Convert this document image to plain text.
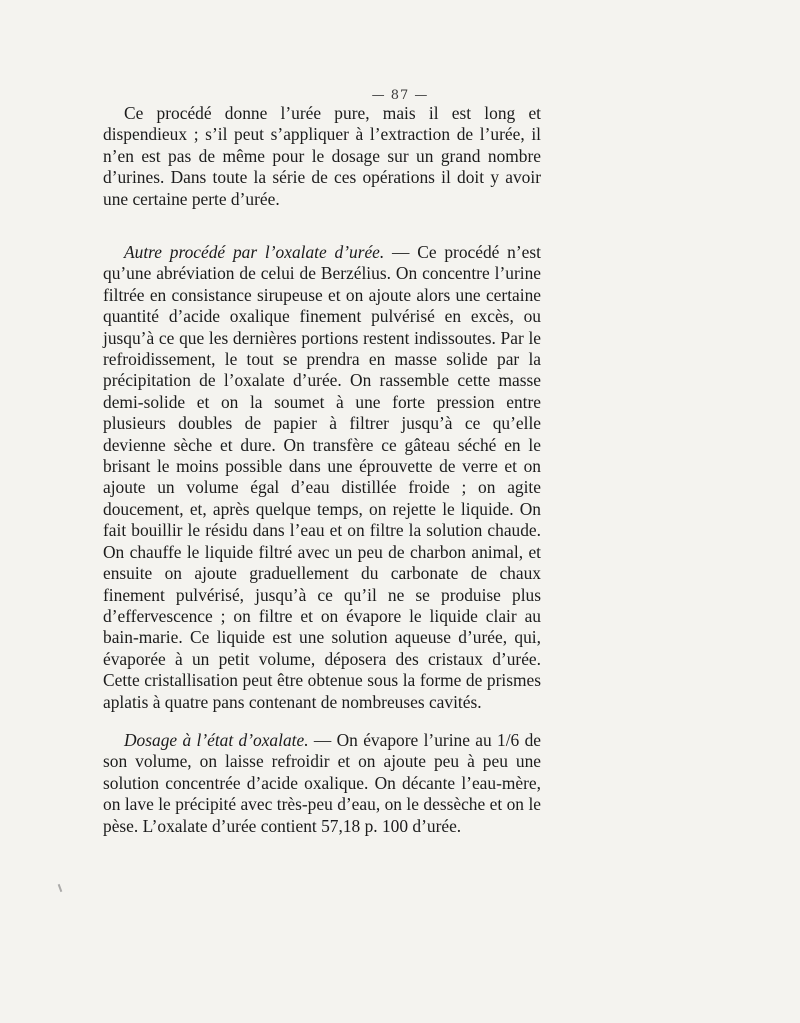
— 87 —

Ce procédé donne l’urée pure, mais il est long et dispendieux ; s’il peut s’appliquer à l’extraction de l’urée, il n’en est pas de même pour le dosage sur un grand nombre d’urines. Dans toute la série de ces opérations il doit y avoir une certaine perte d’urée.

Autre procédé par l’oxalate d’urée. — Ce procédé n’est qu’une abréviation de celui de Berzélius. On concentre l’urine filtrée en consistance sirupeuse et on ajoute alors une certaine quantité d’acide oxalique finement pulvérisé en excès, ou jusqu’à ce que les dernières portions restent indissoutes. Par le refroidissement, le tout se prendra en masse solide par la précipitation de l’oxalate d’urée. On rassemble cette masse demi-solide et on la soumet à une forte pression entre plusieurs doubles de papier à filtrer jusqu’à ce qu’elle devienne sèche et dure. On transfère ce gâteau séché en le brisant le moins possible dans une éprouvette de verre et on ajoute un volume égal d’eau distillée froide ; on agite doucement, et, après quelque temps, on rejette le liquide. On fait bouillir le résidu dans l’eau et on filtre la solution chaude. On chauffe le liquide filtré avec un peu de charbon animal, et ensuite on ajoute graduellement du carbonate de chaux finement pulvérisé, jusqu’à ce qu’il ne se produise plus d’effervescence ; on filtre et on évapore le liquide clair au bain-marie. Ce liquide est une solution aqueuse d’urée, qui, évaporée à un petit volume, déposera des cristaux d’urée. Cette cristallisation peut être obtenue sous la forme de prismes aplatis à quatre pans contenant de nombreuses cavités.

Dosage à l’état d’oxalate. — On évapore l’urine au 1/6 de son volume, on laisse refroidir et on ajoute peu à peu une solution concentrée d’acide oxalique. On décante l’eau-mère, on lave le précipité avec très-peu d’eau, on le dessèche et on le pèse. L’oxalate d’urée contient 57,18 p. 100 d’urée.
